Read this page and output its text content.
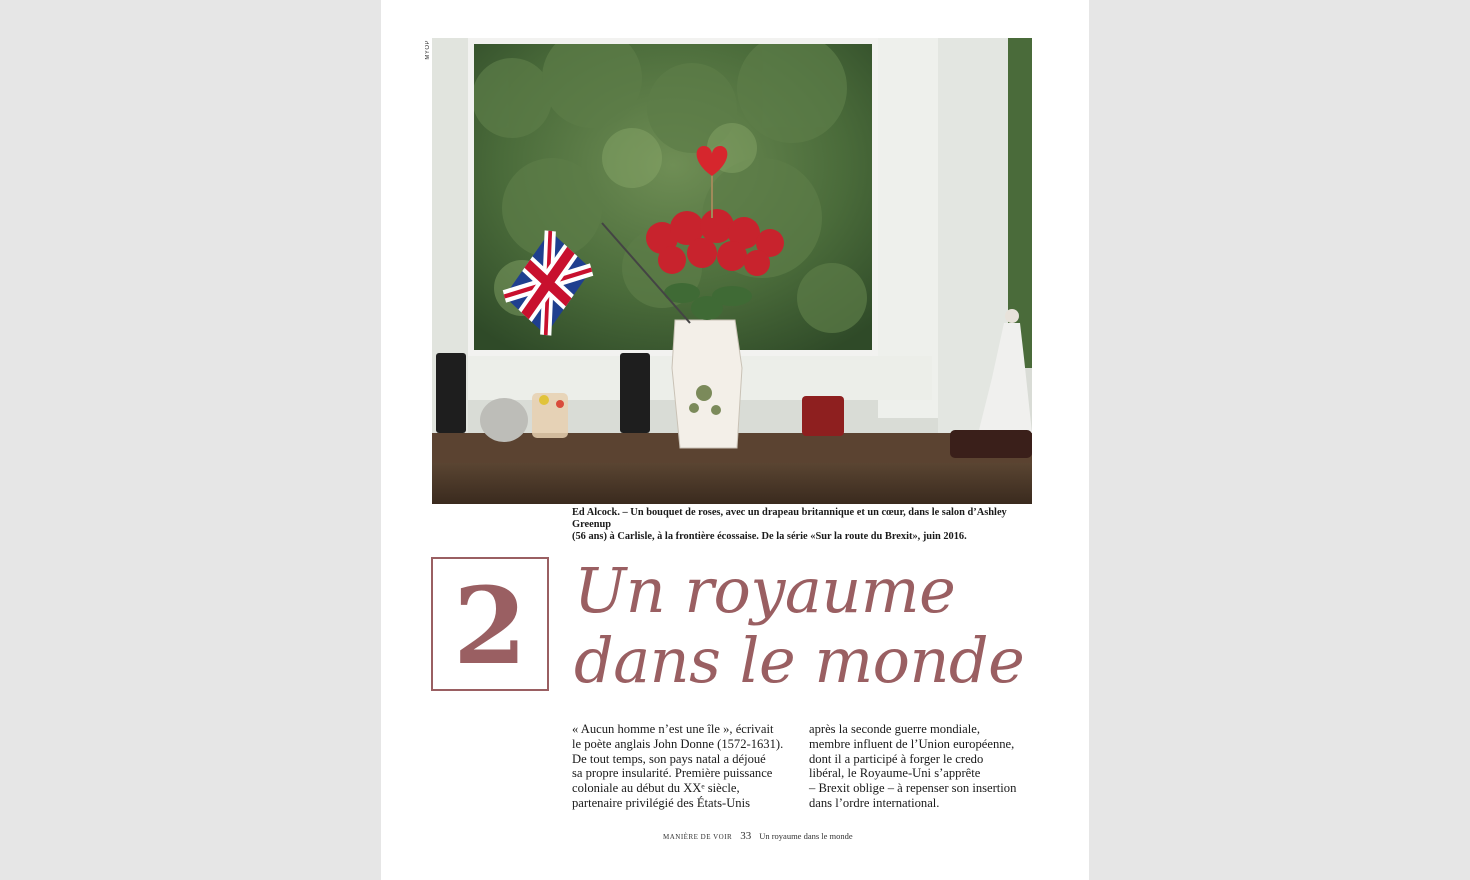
MYOP
Ed Alcock. – Un bouquet de roses, avec un drapeau britannique et un cœur, dans le salon d’Ashley Greenup
(56 ans) à Carlisle, à la frontière écossaise. De la série «Sur la route du Brexit», juin 2016.
2 Un royaume
dans le monde
« Aucun homme n’est une île », écrivait
le poète anglais John Donne (1572-1631).
De tout temps, son pays natal a déjoué
sa propre insularité. Première puissance
coloniale au début du XXᵉ siècle,
partenaire privilégié des États-Unis
après la seconde guerre mondiale,
membre influent de l’Union européenne,
dont il a participé à forger le credo
libéral, le Royaume-Uni s’apprête
– Brexit oblige – à repenser son insertion
dans l’ordre international.
MANIÈRE DE VOIR 33 Un royaume dans le monde
